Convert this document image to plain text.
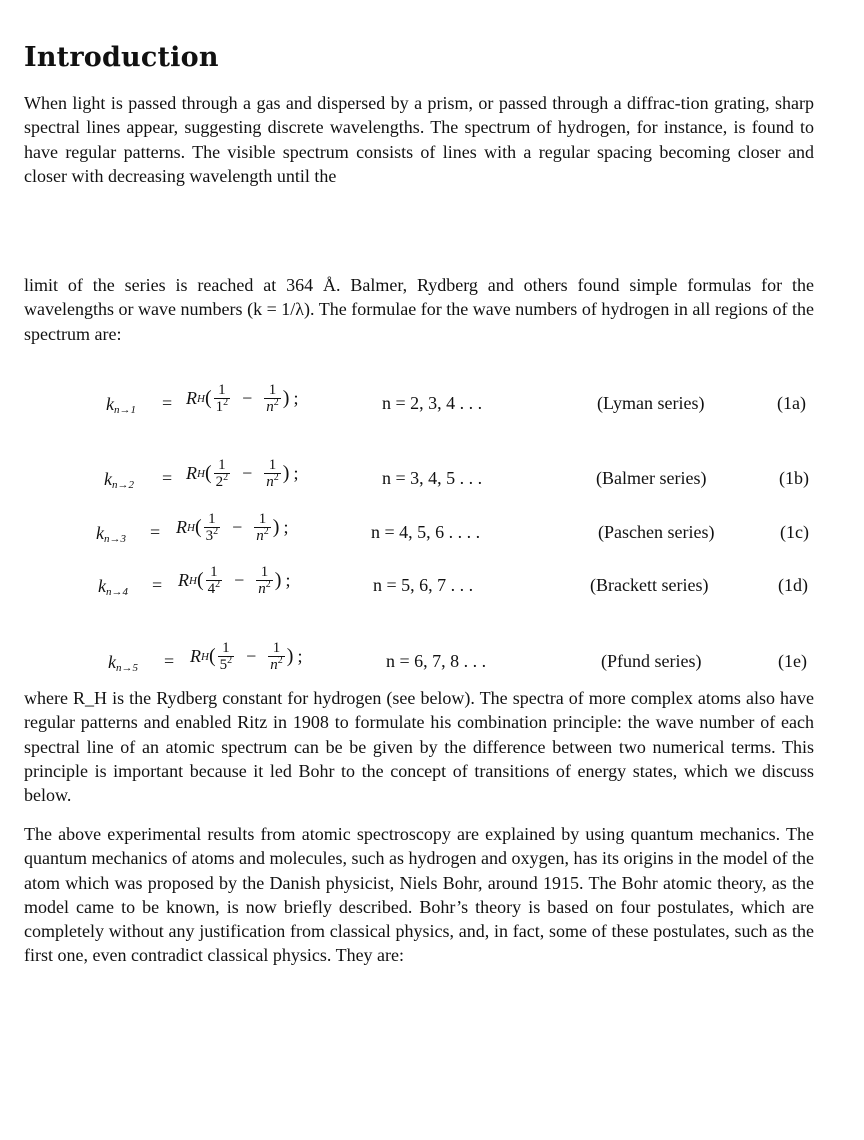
Introduction
When light is passed through a gas and dispersed by a prism, or passed through a diffrac-tion grating, sharp spectral lines appear, suggesting discrete wavelengths. The spectrum of hydrogen, for instance, is found to have regular patterns. The visible spectrum consists of lines with a regular spacing becoming closer and closer with decreasing wavelength until the
limit of the series is reached at 364 Å. Balmer, Rydberg and others found simple formulas for the wavelengths or wave numbers (k = 1/λ). The formulae for the wave numbers of hydrogen in all regions of the spectrum are:
$k_{n\to 1} = R$ H ( $\frac{1}{1^2} - \frac{1}{n^2}$ ) ;	n = 2, 3, 4 . . .	(Lyman series)	(1a)
$k_{n\to 2} = R$ H ( $\frac{1}{2^2} - \frac{1}{n^2}$ ) ;	n = 3, 4, 5 . . .	(Balmer series)	(1b)
$k_{n\to 3} = R$ H ( $\frac{1}{3^2} - \frac{1}{n^2}$ ) ;	n = 4, 5, 6 . . . .	(Paschen series)	(1c)
$k_{n\to 4} = R$ H ( $\frac{1}{4^2} - \frac{1}{n^2}$ ) ;	n = 5, 6, 7 . . .	(Brackett series)	(1d)
$k_{n\to 5} = R$ H ( $\frac{1}{5^2} - \frac{1}{n^2}$ ) ;	n = 6, 7, 8 . . .	(Pfund series)	(1e)
where R_H is the Rydberg constant for hydrogen (see below). The spectra of more complex atoms also have regular patterns and enabled Ritz in 1908 to formulate his combination principle: the wave number of each spectral line of an atomic spectrum can be be given by the difference between two numerical terms. This principle is important because it led Bohr to the concept of transitions of energy states, which we discuss below.
The above experimental results from atomic spectroscopy are explained by using quantum mechanics. The quantum mechanics of atoms and molecules, such as hydrogen and oxygen, has its origins in the model of the atom which was proposed by the Danish physicist, Niels Bohr, around 1915. The Bohr atomic theory, as the model came to be known, is now briefly described. Bohr’s theory is based on four postulates, which are completely without any justification from classical physics, and, in fact, some of these postulates, such as the first one, even contradict classical physics. They are:
